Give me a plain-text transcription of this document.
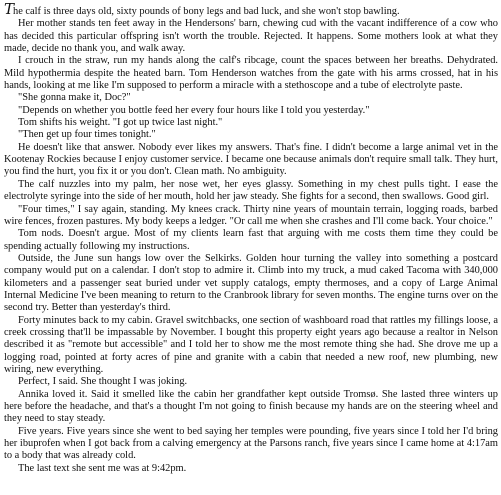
The calf is three days old, sixty pounds of bony legs and bad luck, and she won't stop bawling.

Her mother stands ten feet away in the Hendersons' barn, chewing cud with the vacant indifference of a cow who has decided this particular offspring isn't worth the trouble. Rejected. It happens. Some mothers look at what they made, decide no thank you, and walk away.

I crouch in the straw, run my hands along the calf's ribcage, count the spaces between her breaths. Dehydrated. Mild hypothermia despite the heated barn. Tom Henderson watches from the gate with his arms crossed, hat in his hands, looking at me like I'm supposed to perform a miracle with a stethoscope and a tube of electrolyte paste.

"She gonna make it, Doc?"

"Depends on whether you bottle feed her every four hours like I told you yesterday."

Tom shifts his weight. "I got up twice last night."

"Then get up four times tonight."

He doesn't like that answer. Nobody ever likes my answers. That's fine. I didn't become a large animal vet in the Kootenay Rockies because I enjoy customer service. I became one because animals don't require small talk. They hurt, you find the hurt, you fix it or you don't. Clean math. No ambiguity.

The calf nuzzles into my palm, her nose wet, her eyes glassy. Something in my chest pulls tight. I ease the electrolyte syringe into the side of her mouth, hold her jaw steady. She fights for a second, then swallows. Good girl.

"Four times," I say again, standing. My knees crack. Thirty nine years of mountain terrain, logging roads, barbed wire fences, frozen pastures. My body keeps a ledger. "Or call me when she crashes and I'll come back. Your choice."

Tom nods. Doesn't argue. Most of my clients learn fast that arguing with me costs them time they could be spending actually following my instructions.

Outside, the June sun hangs low over the Selkirks. Golden hour turning the valley into something a postcard company would put on a calendar. I don't stop to admire it. Climb into my truck, a mud caked Tacoma with 340,000 kilometers and a passenger seat buried under vet supply catalogs, empty thermoses, and a copy of Large Animal Internal Medicine I've been meaning to return to the Cranbrook library for seven months. The engine turns over on the second try. Better than yesterday's third.

Forty minutes back to my cabin. Gravel switchbacks, one section of washboard road that rattles my fillings loose, a creek crossing that'll be impassable by November. I bought this property eight years ago because a realtor in Nelson described it as "remote but accessible" and I told her to show me the most remote thing she had. She drove me up a logging road, pointed at forty acres of pine and granite with a cabin that needed a new roof, new plumbing, new wiring, new everything.

Perfect, I said. She thought I was joking.

Annika loved it. Said it smelled like the cabin her grandfather kept outside Tromsø. She lasted three winters up here before the headache, and that's a thought I'm not going to finish because my hands are on the steering wheel and they need to stay steady.

Five years. Five years since she went to bed saying her temples were pounding, five years since I told her I'd bring her ibuprofen when I got back from a calving emergency at the Parsons ranch, five years since I came home at 4:17am to a body that was already cold.

The last text she sent me was at 9:42pm.
